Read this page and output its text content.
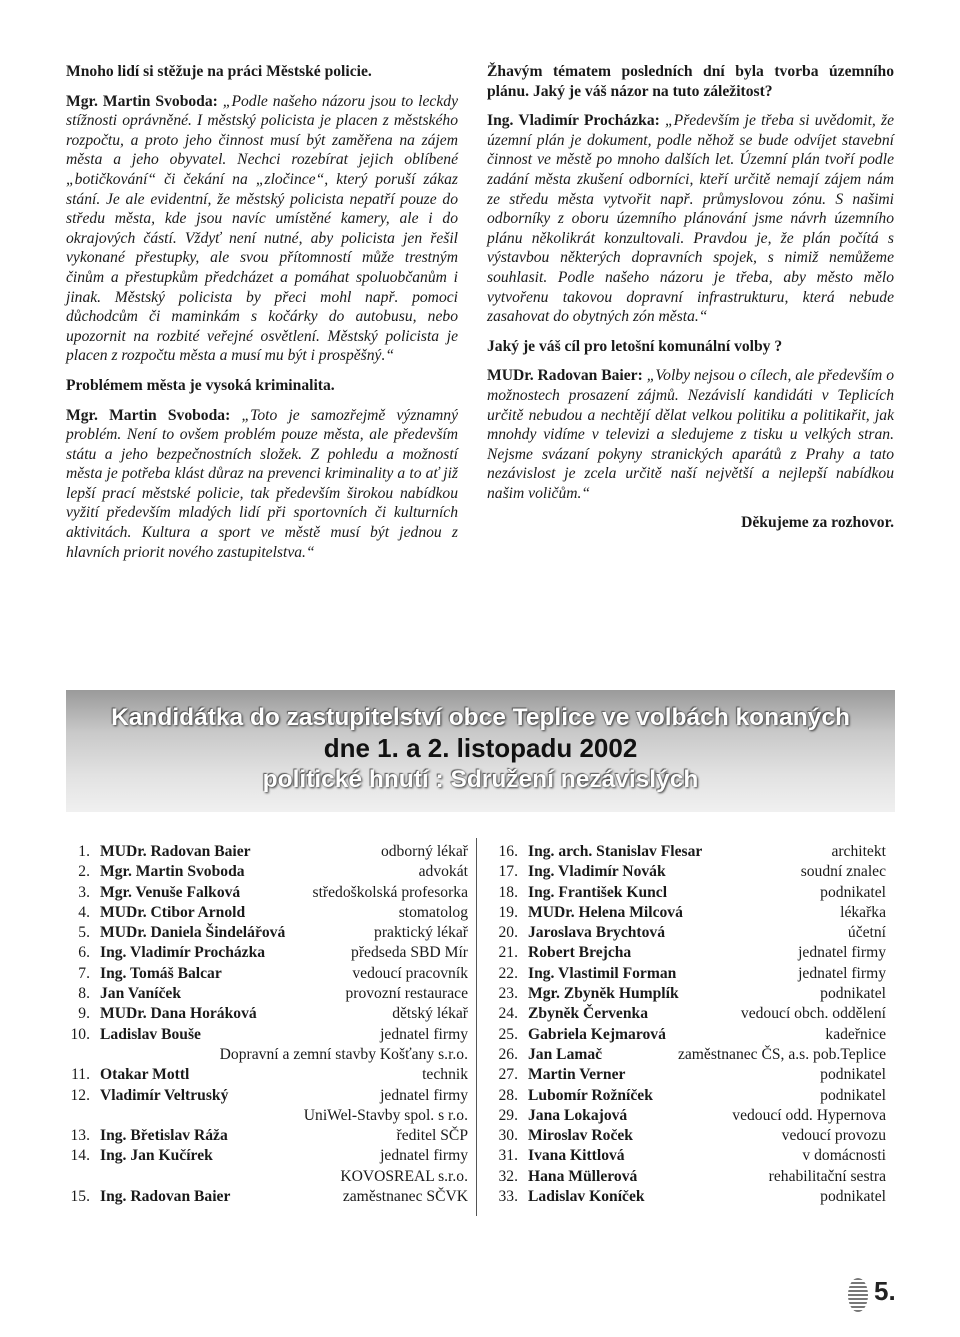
Mnoho lidí si stěžuje na práci Městské policie.

Mgr. Martin Svoboda: „Podle našeho názoru jsou to leckdy stížnosti oprávněné. I městský policista je placen z městského rozpočtu, a proto jeho činnost musí být zaměřena na zájem města a jeho obyvatel. Nechci rozebírat jejich oblíbené „botičkování“ či čekání na „zločince“, který poruší zákaz stání. Je ale evidentní, že městský policista nepatří pouze do středu města, kde jsou navíc umístěné kamery, ale i do okrajových částí. Vždyť není nutné, aby policista jen řešil vykonané přestupky, ale svou přítomností může trestným činům a přestupkům předcházet a pomáhat spoluobčanům i jinak. Městský policista by přeci mohl např. pomoci důchodcům či maminkám s kočárky do autobusu, nebo upozornit na rozbité veřejné osvětlení. Městský policista je placen z rozpočtu města a musí mu být i prospěšný.“

Problémem města je vysoká kriminalita.

Mgr. Martin Svoboda: „Toto je samozřejmě významný problém. Není to ovšem problém pouze města, ale především státu a jeho bezpečnostních složek. Z pohledu a možností města je potřeba klást důraz na prevenci kriminality a to ať již lepší prací městské policie, tak především širokou nabídkou vyžití především mladých lidí při sportovních či kulturních aktivitách. Kultura a sport ve městě musí být jednou z hlavních priorit nového zastupitelstva.“

Žhavým tématem posledních dní byla tvorba územního plánu. Jaký je váš názor na tuto záležitost?

Ing. Vladimír Procházka: „Především je třeba si uvědomit, že územní plán je dokument, podle něhož se bude odvíjet stavební činnost ve městě po mnoho dalších let. Územní plán tvoří podle zadání města zkušení odborníci, kteří určitě nemají zájem nám ze středu města vytvořit např. průmyslovou zónu. S našimi odborníky z oboru územního plánování jsme návrh územního plánu několikrát konzultovali. Pravdou je, že plán počítá s výstavbou některých dopravních spojek, s nimiž nemůžeme souhlasit. Podle našeho názoru je třeba, aby město mělo vytvořenu takovou dopravní infrastrukturu, která nebude zasahovat do obytných zón města.“

Jaký je váš cíl pro letošní komunální volby ?

MUDr. Radovan Baier: „Volby nejsou o cílech, ale především o možnostech prosazení zájmů. Nezávislí kandidáti v Teplicích určitě nebudou a nechtějí dělat velkou politiku a politikařit, jak mnohdy vidíme v televizi a sledujeme z tisku u velkých stran. Nejsme svázaní pokyny stranických aparátů z Prahy a tato nezávislost je zcela určitě naší největší a nejlepší nabídkou našim voličům.“

Děkujeme za rozhovor.

Kandidátka do zastupitelství obce Teplice ve volbách konaných
dne 1. a 2. listopadu 2002
politické hnutí : Sdružení nezávislých
1. MUDr. Radovan Baier	odborný lékař
2. Mgr. Martin Svoboda	advokát
3. Mgr. Venuše Falková	středoškolská profesorka
4. MUDr. Ctibor Arnold	stomatolog
5. MUDr. Daniela Šindelářová	praktický lékař
6. Ing. Vladimír Procházka	předseda SBD Mír
7. Ing. Tomáš Balcar	vedoucí pracovník
8. Jan Vaníček	provozní restaurace
9. MUDr. Dana Horáková	dětský lékař
10. Ladislav Bouše	jednatel firmy
Dopravní a zemní stavby Košťany s.r.o.
11. Otakar Mottl	technik
12. Vladimír Veltruský	jednatel firmy
UniWel-Stavby spol. s r.o.
13. Ing. Břetislav Ráža	ředitel SČP
14. Ing. Jan Kučírek	jednatel firmy
KOVOSREAL s.r.o.
15. Ing. Radovan Baier	zaměstnanec SČVK
16. Ing. arch. Stanislav Flesar	architekt
17. Ing. Vladimír Novák	soudní znalec
18. Ing. František Kuncl	podnikatel
19. MUDr. Helena Milcová	lékařka
20. Jaroslava Brychtová	účetní
21. Robert Brejcha	jednatel firmy
22. Ing. Vlastimil Forman	jednatel firmy
23. Mgr. Zbyněk Humplík	podnikatel
24. Zbyněk Červenka	vedoucí obch. oddělení
25. Gabriela Kejmarová	kadeřnice
26. Jan Lamač	zaměstnanec ČS, a.s. pob.Teplice
27. Martin Verner	podnikatel
28. Lubomír Rožníček	podnikatel
29. Jana Lokajová	vedoucí odd. Hypernova
30. Miroslav Roček	vedoucí provozu
31. Ivana Kittlová	v domácnosti
32. Hana Müllerová	rehabilitační sestra
33. Ladislav Koníček	podnikatel
5.
